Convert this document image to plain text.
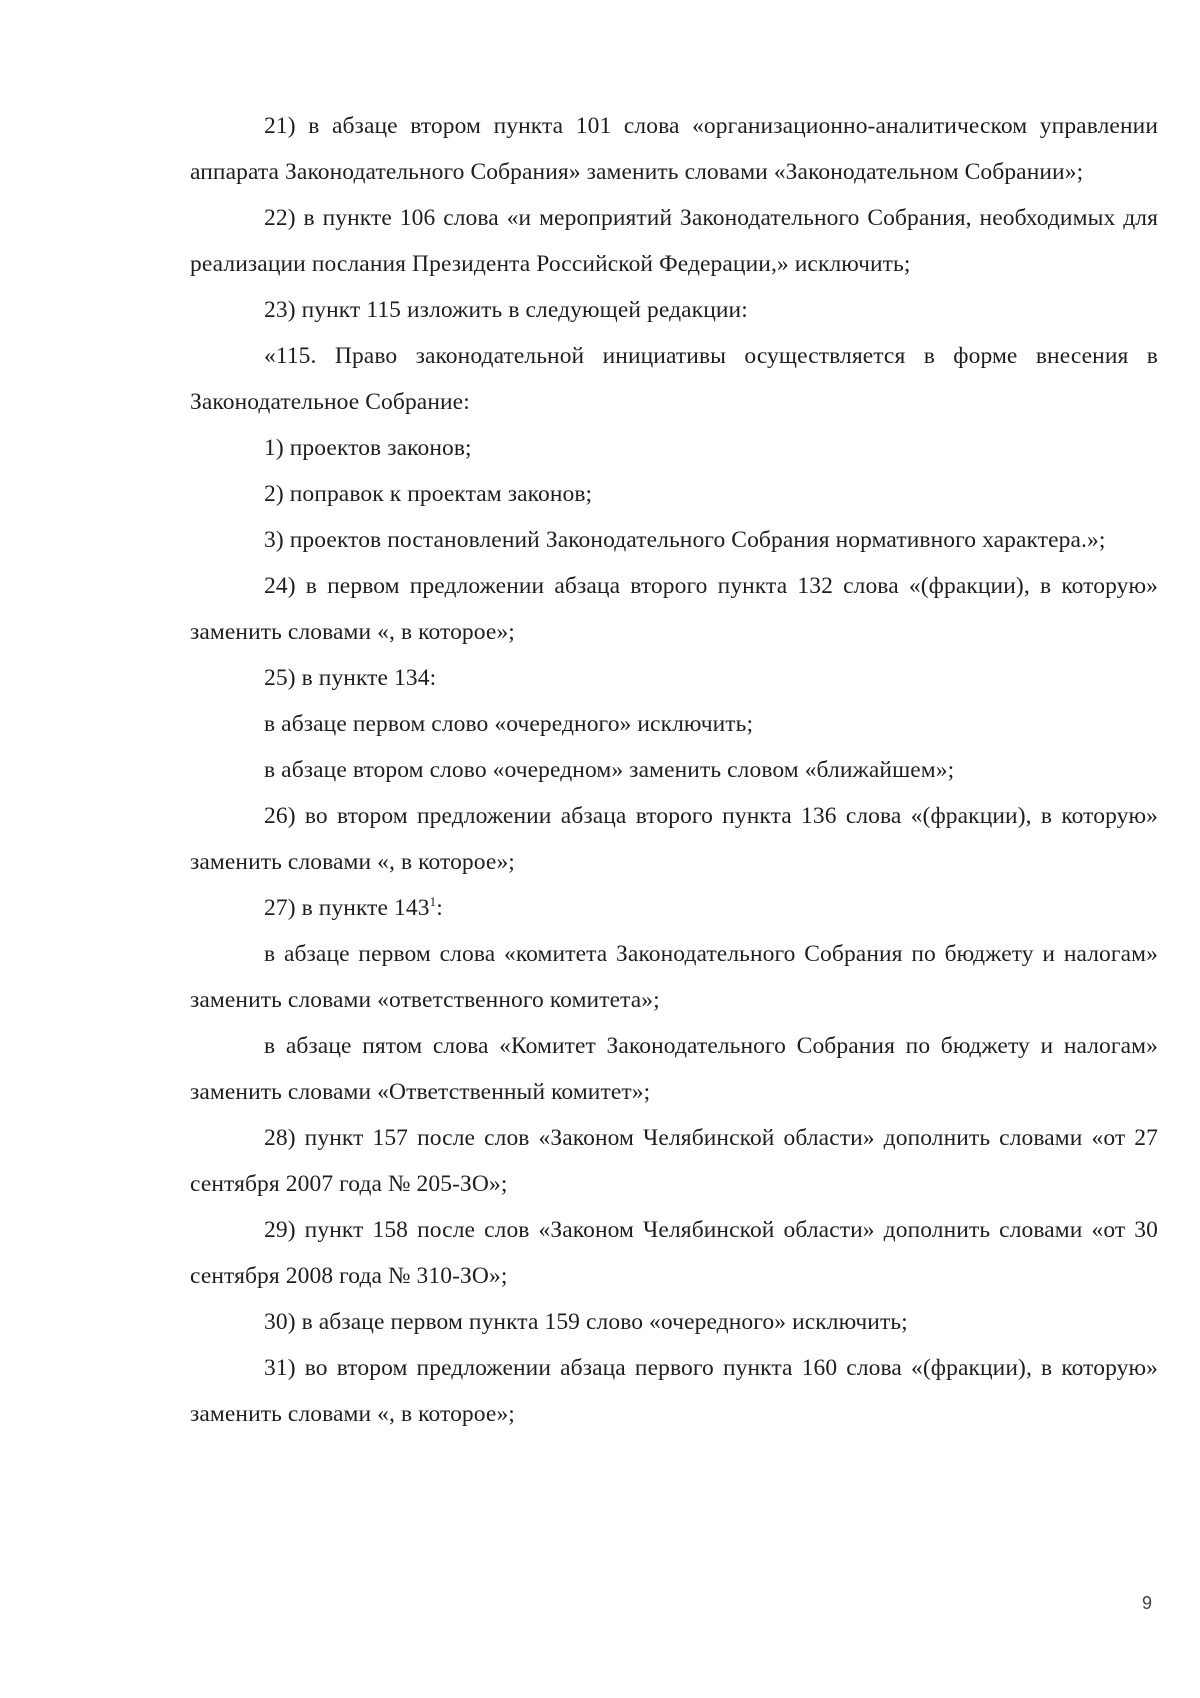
21) в абзаце втором пункта 101 слова «организационно-аналитическом управлении аппарата Законодательного Собрания» заменить словами «Законодательном Собрании»;

22) в пункте 106 слова «и мероприятий Законодательного Собрания, необходимых для реализации послания Президента Российской Федерации,» исключить;

23) пункт 115 изложить в следующей редакции:

«115. Право законодательной инициативы осуществляется в форме внесения в Законодательное Собрание:

1) проектов законов;

2) поправок к проектам законов;

3) проектов постановлений Законодательного Собрания нормативного характера.»;

24) в первом предложении абзаца второго пункта 132 слова «(фракции), в которую» заменить словами «, в которое»;

25) в пункте 134:

в абзаце первом слово «очередного» исключить;

в абзаце втором слово «очередном» заменить словом «ближайшем»;

26) во втором предложении абзаца второго пункта 136 слова «(фракции), в которую» заменить словами «, в которое»;

27) в пункте $143^1$:

в абзаце первом слова «комитета Законодательного Собрания по бюджету и налогам» заменить словами «ответственного комитета»;

в абзаце пятом слова «Комитет Законодательного Собрания по бюджету и налогам» заменить словами «Ответственный комитет»;

28) пункт 157 после слов «Законом Челябинской области» дополнить словами «от 27 сентября 2007 года № 205-ЗО»;

29) пункт 158 после слов «Законом Челябинской области» дополнить словами «от 30 сентября 2008 года № 310-ЗО»;

30) в абзаце первом пункта 159 слово «очередного» исключить;

31) во втором предложении абзаца первого пункта 160 слова «(фракции), в которую» заменить словами «, в которое»;

9
